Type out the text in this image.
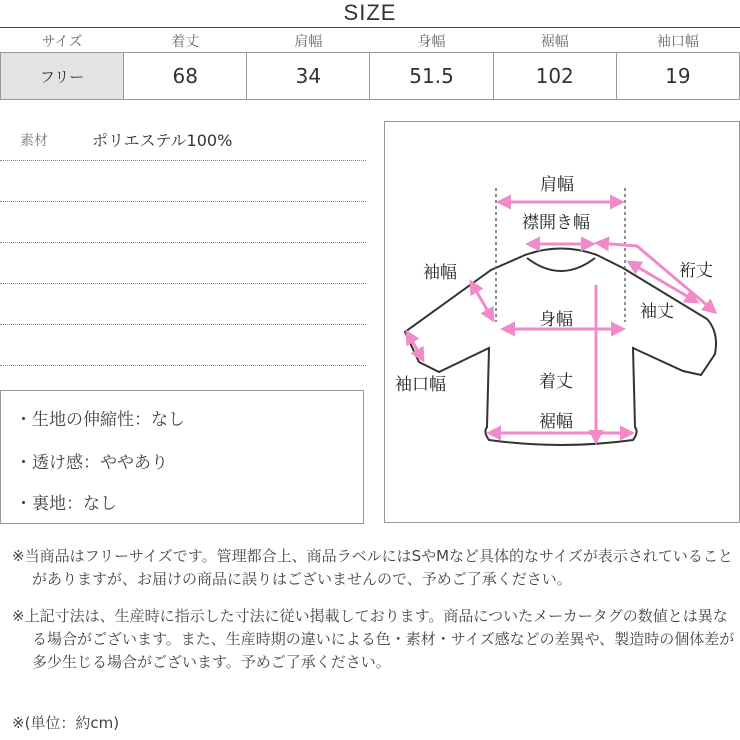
SIZE
サイズ	着丈	肩幅	身幅	裾幅	袖口幅
フリー	68	34	51.5	102	19
素材	ポリエステル100%
・生地の伸縮性：なし
・透け感：ややあり
・裏地：なし
肩幅
襟開き幅
袖幅	裄丈
袖丈
身幅
袖口幅	着丈
裾幅
※当商品はフリーサイズです。管理都合上、商品ラベルにはSやMなど具体的なサイズが表示されていることがありますが、お届けの商品に誤りはございませんので、予めご了承ください。
※上記寸法は、生産時に指示した寸法に従い掲載しております。商品についたメーカータグの数値とは異なる場合がございます。また、生産時期の違いによる色・素材・サイズ感などの差異や、製造時の個体差が多少生じる場合がございます。予めご了承ください。
※(単位：約cm)
